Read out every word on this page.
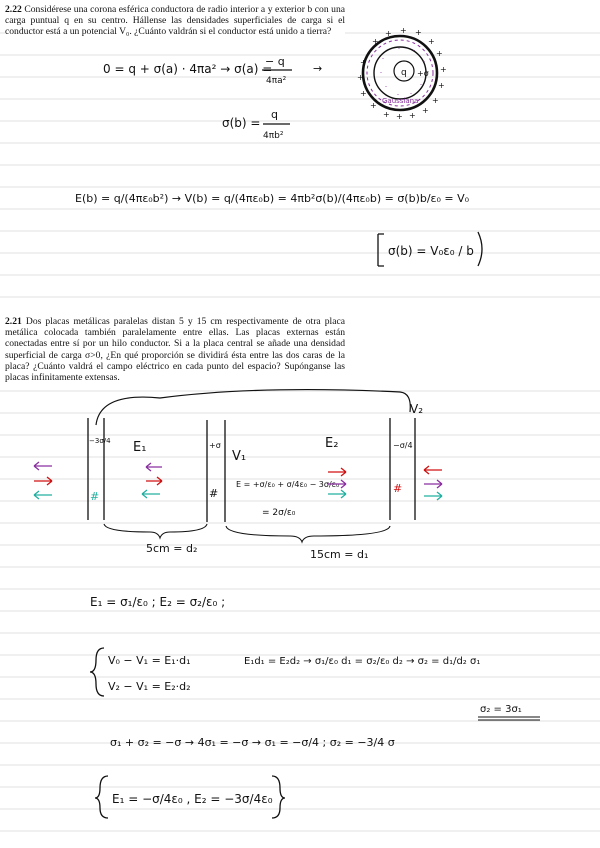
2.22 Considérese una corona esférica conductora de radio interior a y exterior b con una carga puntual q en su centro. Hállense las densidades superficiales de carga si el conductor está a un potencial V₀. ¿Cuánto valdrán si el conductor está unido a tierra?
2.21 Dos placas metálicas paralelas distan 5 y 15 cm respectivamente de otra placa metálica colocada también paralelamente entre ellas. Las placas externas están conectadas entre sí por un hilo conductor. Si a la placa central se añade una densidad superficial de carga σ>0, ¿En qué proporción se dividirá ésta entre las dos caras de la placa? ¿Cuánto valdrá el campo eléctrico en cada punto del espacio? Supónganse las placas infinitamente extensas.
q +σ
Gaussiana
+
+
+
+
+ + +
+
+
+
+
+
+
+
+
+
+
-
-
-
- -
-
-
-
-
0 = q + σ(a) · 4πa² → σ(a) =
− q
4πa²
→
σ(b) =
q
4πb²
E(b) = q/(4πε₀b²) → V(b) = q/(4πε₀b) = 4πb²σ(b)/(4πε₀b) = σ(b)b/ε₀ = V₀
σ(b) = V₀ε₀ / b
V₂
−3σ/4	+σ	−σ/4
E₁
V₁
E₂
E = +σ/ε₀ + σ/4ε₀ − 3σ/ε₀
= 2σ/ε₀
#	#	#
5cm = d₂	15cm = d₁
E₁ = σ₁/ε₀ ; E₂ = σ₂/ε₀ ;
V₀ − V₁ = E₁·d₁
V₂ − V₁ = E₂·d₂
E₁d₁ = E₂d₂ → σ₁/ε₀ d₁ = σ₂/ε₀ d₂ → σ₂ = d₁/d₂ σ₁
σ₂ = 3σ₁
σ₁ + σ₂ = −σ → 4σ₁ = −σ → σ₁ = −σ/4 ; σ₂ = −3/4 σ
E₁ = −σ/4ε₀ , E₂ = −3σ/4ε₀
